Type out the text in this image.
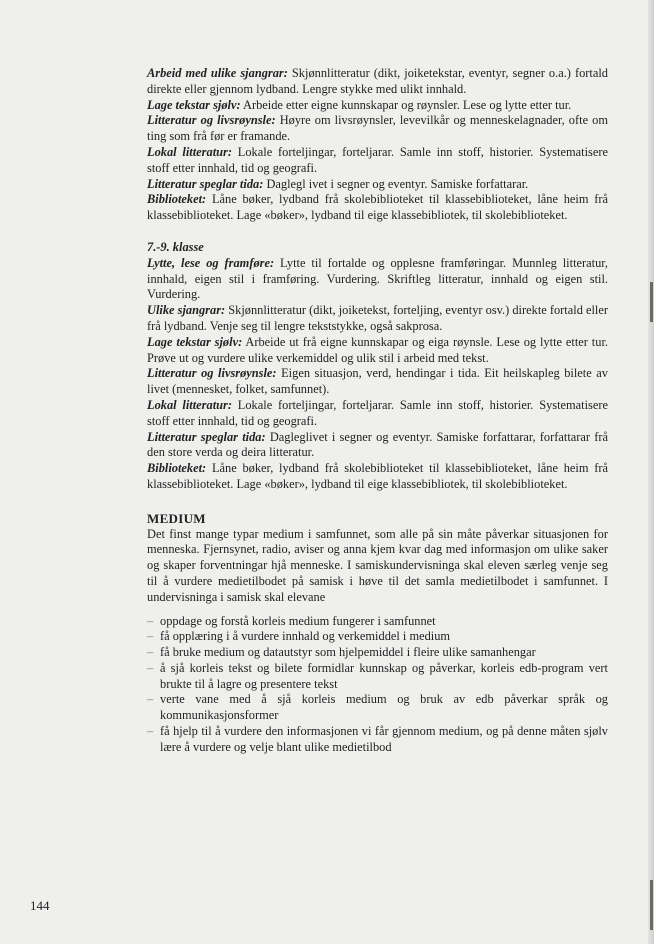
Arbeid med ulike sjangrar: Skjønnlitteratur (dikt, joiketekstar, eventyr, segner o.a.) fortald direkte eller gjennom lydband. Lengre stykke med ulikt innhald.

Lage tekstar sjølv: Arbeide etter eigne kunnskapar og røynsler. Lese og lytte etter tur.

Litteratur og livsrøynsle: Høyre om livsrøynsler, levevilkår og menneskelagnader, ofte om ting som frå før er framande.

Lokal litteratur: Lokale forteljingar, forteljarar. Samle inn stoff, historier. Systematisere stoff etter innhald, tid og geografi.

Litteratur speglar tida: Daglegl ivet i segner og eventyr. Samiske forfattarar.

Biblioteket: Låne bøker, lydband frå skolebiblioteket til klassebiblioteket, låne heim frå klassebiblioteket. Lage «bøker», lydband til eige klassebibliotek, til skolebiblioteket.

7.-9. klasse

Lytte, lese og framføre: Lytte til fortalde og opplesne framføringar. Munnleg litteratur, innhald, eigen stil i framføring. Vurdering. Skriftleg litteratur, innhald og eigen stil. Vurdering.

Ulike sjangrar: Skjønnlitteratur (dikt, joiketekst, forteljing, eventyr osv.) direkte fortald eller frå lydband. Venje seg til lengre tekststykke, også sakprosa.

Lage tekstar sjølv: Arbeide ut frå eigne kunnskapar og eiga røynsle. Lese og lytte etter tur. Prøve ut og vurdere ulike verkemiddel og ulik stil i arbeid med tekst.

Litteratur og livsrøynsle: Eigen situasjon, verd, hendingar i tida. Eit heilskapleg bilete av livet (mennesket, folket, samfunnet).

Lokal litteratur: Lokale forteljingar, forteljarar. Samle inn stoff, historier. Systematisere stoff etter innhald, tid og geografi.

Litteratur speglar tida: Dagleglivet i segner og eventyr. Samiske forfattarar, forfattarar frå den store verda og deira litteratur.

Biblioteket: Låne bøker, lydband frå skolebiblioteket til klassebiblioteket, låne heim frå klassebiblioteket. Lage «bøker», lydband til eige klassebibliotek, til skolebiblioteket.

MEDIUM

Det finst mange typar medium i samfunnet, som alle på sin måte påverkar situasjonen for menneska. Fjernsynet, radio, aviser og anna kjem kvar dag med informasjon om ulike saker og skaper forventningar hjå menneske. I samiskundervisninga skal eleven særleg venje seg til å vurdere medietilbodet på samisk i høve til det samla medietilbodet i samfunnet. I undervisninga i samisk skal elevane

– oppdage og forstå korleis medium fungerer i samfunnet
– få opplæring i å vurdere innhald og verkemiddel i medium
– få bruke medium og datautstyr som hjelpemiddel i fleire ulike samanhengar
– å sjå korleis tekst og bilete formidlar kunnskap og påverkar, korleis edb-program vert brukte til å lagre og presentere tekst
– verte vane med å sjå korleis medium og bruk av edb påverkar språk og kommunikasjonsformer
– få hjelp til å vurdere den informasjonen vi får gjennom medium, og på denne måten sjølv lære å vurdere og velje blant ulike medietilbod
144
